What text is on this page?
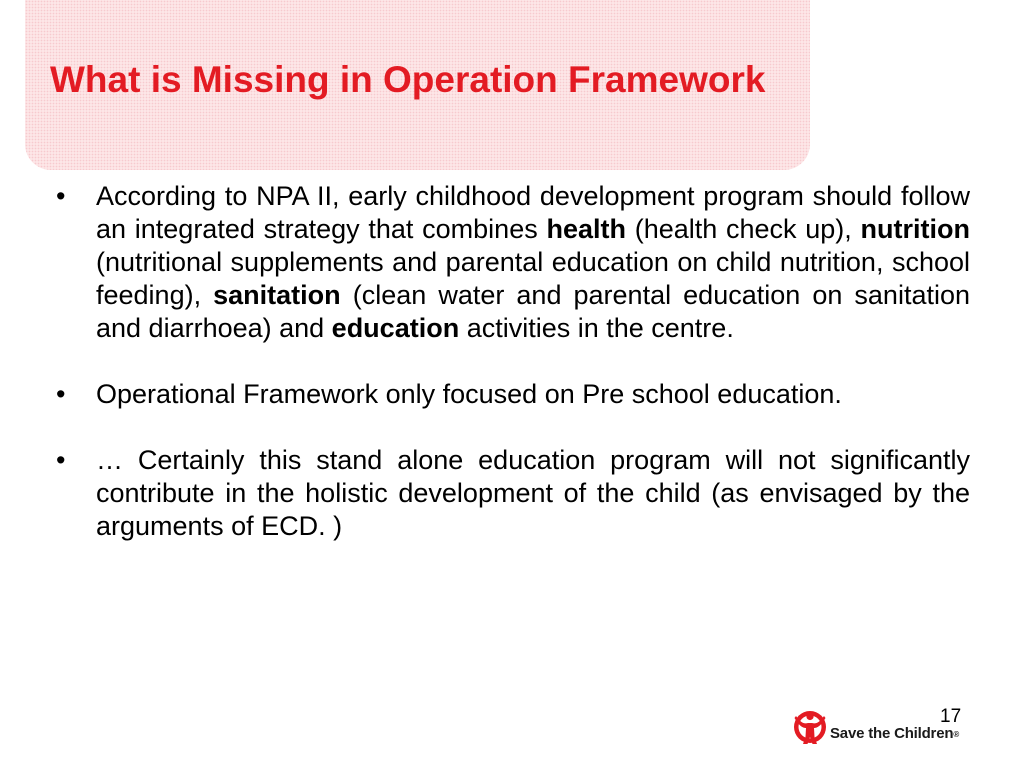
What is Missing in Operation Framework
• According to NPA II, early childhood development program should follow an integrated strategy that combines health (health check up), nutrition (nutritional supplements and parental education on child nutrition, school feeding), sanitation (clean water and parental education on sanitation and diarrhoea) and education activities in the centre.
• Operational Framework only focused on Pre school education.
• … Certainly this stand alone education program will not significantly contribute in the holistic development of the child (as envisaged by the arguments of ECD. )
17
Save the Children®
